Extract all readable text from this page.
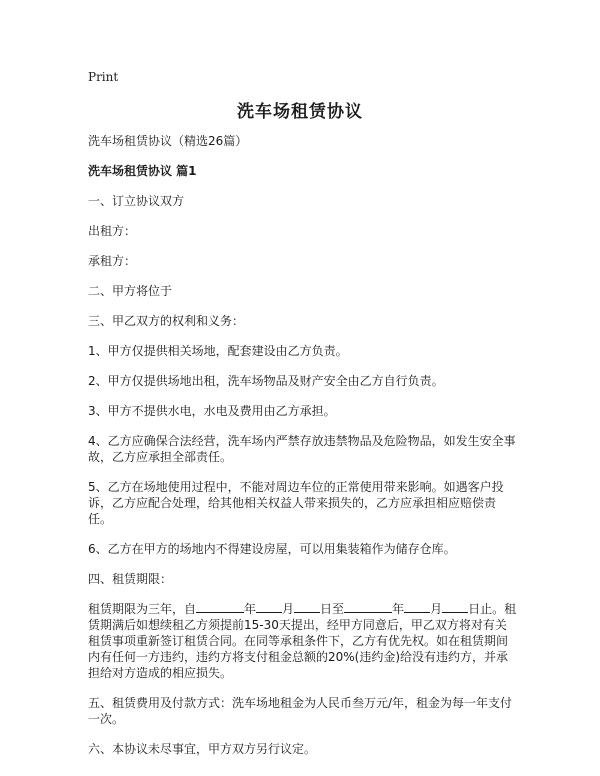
Print
洗车场租赁协议

洗车场租赁协议（精选26篇）

洗车场租赁协议 篇1

一、订立协议双方

出租方：

承租方：

二、甲方将位于

三、甲乙双方的权利和义务：

1、甲方仅提供相关场地，配套建设由乙方负责。

2、甲方仅提供场地出租，洗车场物品及财产安全由乙方自行负责。

3、甲方不提供水电，水电及费用由乙方承担。

4、乙方应确保合法经营，洗车场内严禁存放违禁物品及危险物品，如发生安全事故，乙方应承担全部责任。

5、乙方在场地使用过程中，不能对周边车位的正常使用带来影响。如遇客户投诉，乙方应配合处理，给其他相关权益人带来损失的，乙方应承担相应赔偿责任。

6、乙方在甲方的场地内不得建设房屋，可以用集装箱作为储存仓库。

四、租赁期限：

租赁期限为三年，自	年 月 日至	年 月 日止。租赁期满后如想续租乙方须提前15-30天提出，经甲方同意后，甲乙双方将对有关租赁事项重新签订租赁合同。在同等承租条件下，乙方有优先权。如在租赁期间内有任何一方违约，违约方将支付租金总额的20%(违约金)给没有违约方，并承担给对方造成的相应损失。

五、租赁费用及付款方式：洗车场地租金为人民币叁万元/年，租金为每一年支付一次。

六、本协议未尽事宜，甲方双方另行议定。
